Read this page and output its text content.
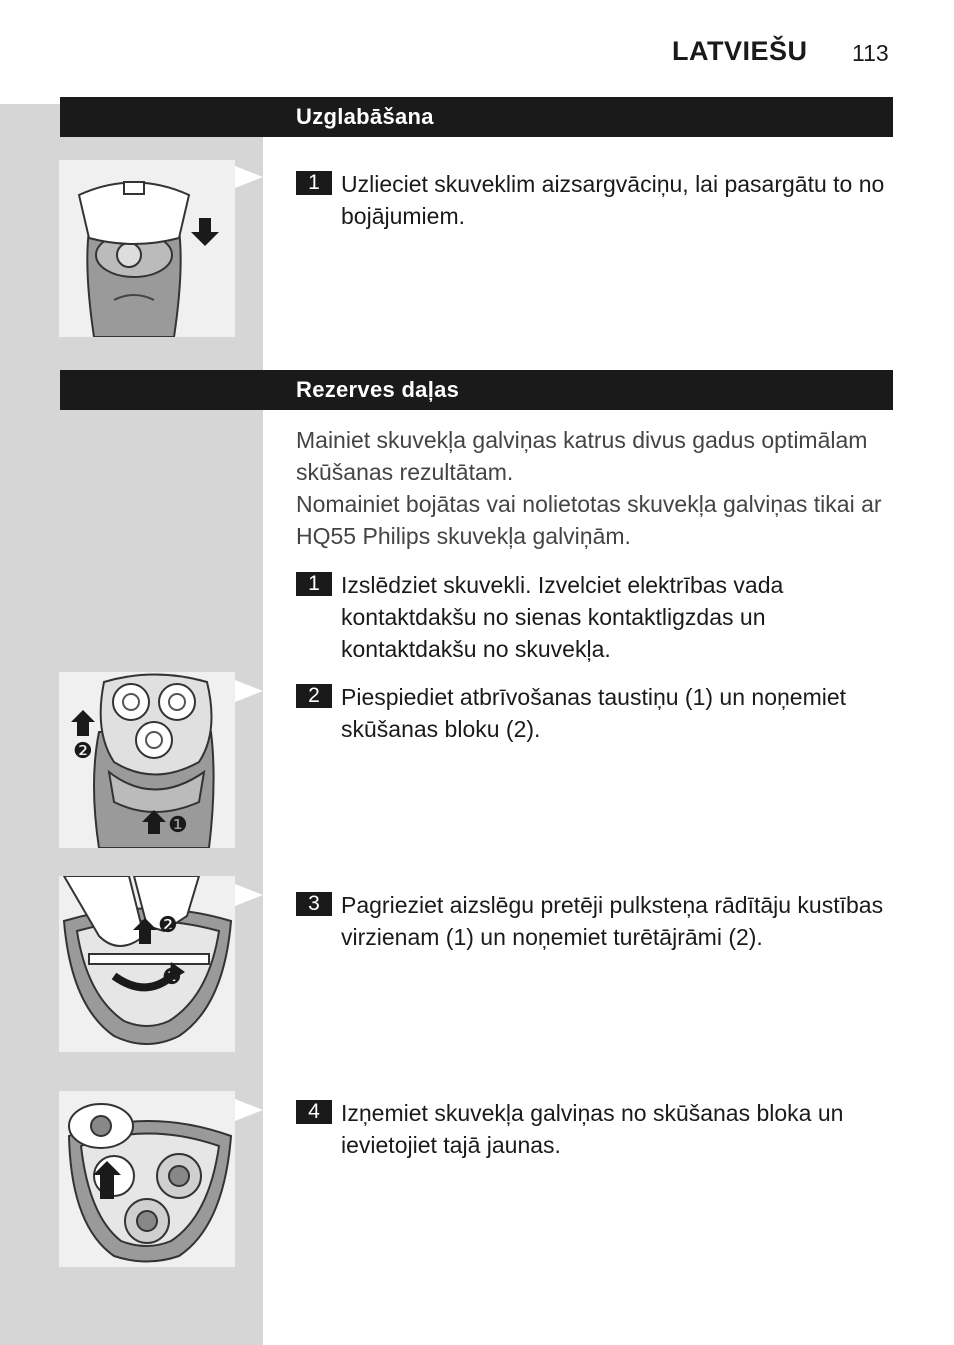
LATVIEŠU 113
Uzglabāšana
1 Uzlieciet skuveklim aizsargvāciņu, lai pasargātu to no bojājumiem.
Rezerves daļas

Mainiet skuvekļa galviņas katrus divus gadus optimālam skūšanas rezultātam.

Nomainiet bojātas vai nolietotas skuvekļa galviņas tikai ar HQ55 Philips skuvekļa galviņām.

1 Izslēdziet skuvekli. Izvelciet elektrības vada kontaktdakšu no sienas kontaktligzdas un kontaktdakšu no skuvekļa.
❷
❶
2 Piespiediet atbrīvošanas taustiņu (1) un noņemiet skūšanas bloku (2).
❷
❶
3 Pagrieziet aizslēgu pretēji pulksteņa rādītāju kustības virzienam (1) un noņemiet turētājrāmi (2).
4 Izņemiet skuvekļa galviņas no skūšanas bloka un ievietojiet tajā jaunas.
